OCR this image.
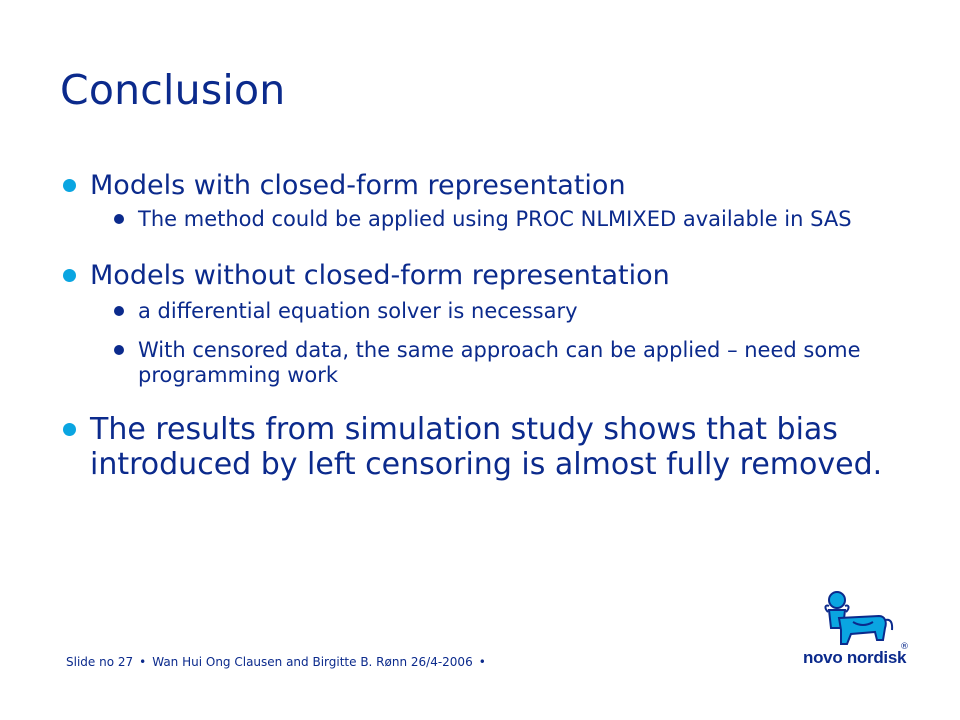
Conclusion
Models with closed-form representation
The method could be applied using PROC NLMIXED available in SAS
Models without closed-form representation
a differential equation solver is necessary
With censored data, the same approach can be applied – need some programming work
The results from simulation study shows that bias introduced by left censoring is almost fully removed.
Slide no 27 • Wan Hui Ong Clausen and Birgitte B. Rønn 26/4-2006 •	novo nordisk
®
